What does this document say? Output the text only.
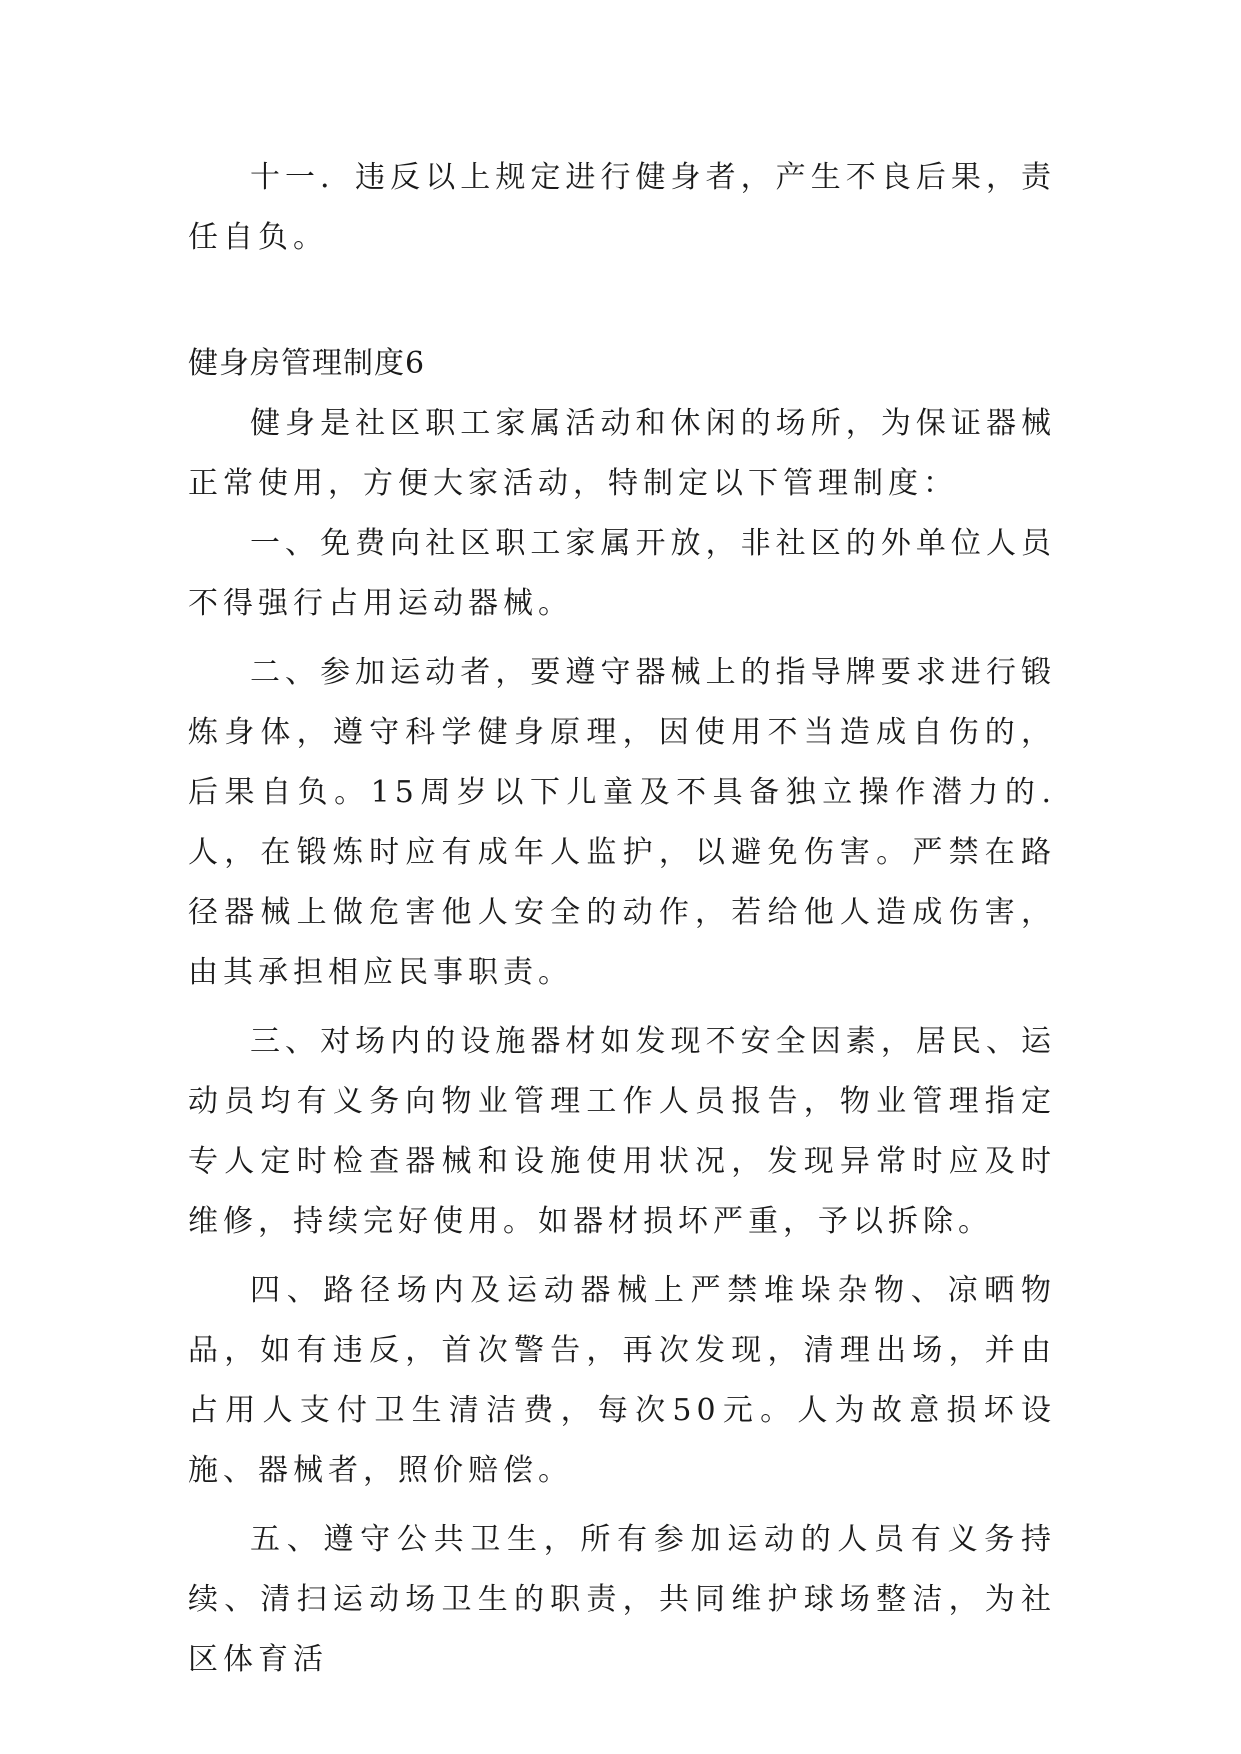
十一．违反以上规定进行健身者，产生不良后果，责任自负。

健身房管理制度6

健身是社区职工家属活动和休闲的场所，为保证器械正常使用，方便大家活动，特制定以下管理制度：

一、免费向社区职工家属开放，非社区的外单位人员不得强行占用运动器械。

二、参加运动者，要遵守器械上的指导牌要求进行锻炼身体，遵守科学健身原理，因使用不当造成自伤的，后果自负。15周岁以下儿童及不具备独立操作潜力的.人，在锻炼时应有成年人监护，以避免伤害。严禁在路径器械上做危害他人安全的动作，若给他人造成伤害，由其承担相应民事职责。

三、对场内的设施器材如发现不安全因素，居民、运动员均有义务向物业管理工作人员报告，物业管理指定专人定时检查器械和设施使用状况，发现异常时应及时维修，持续完好使用。如器材损坏严重，予以拆除。

四、路径场内及运动器械上严禁堆垛杂物、凉晒物品，如有违反，首次警告，再次发现，清理出场，并由占用人支付卫生清洁费，每次50元。人为故意损坏设施、器械者，照价赔偿。

五、遵守公共卫生，所有参加运动的人员有义务持续、清扫运动场卫生的职责，共同维护球场整洁，为社区体育活
